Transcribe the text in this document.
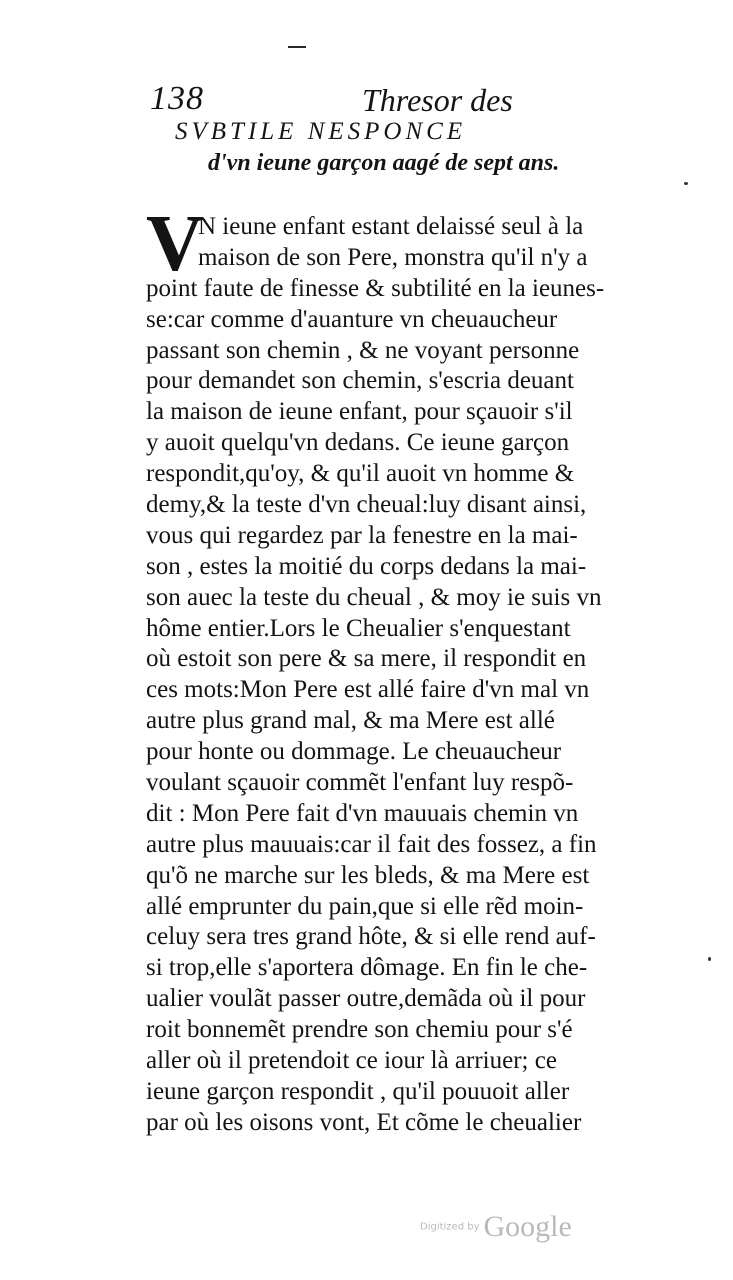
138	Thresor des
SVBTILE NESPONCE
d'vn ieune garçon aagé de sept ans.
V
N ieune enfant estant delaissé seul à la
maison de son Pere, monstra qu'il n'y a
point faute de finesse & subtilité en la ieunes-
se:car comme d'auanture vn cheuaucheur
passant son chemin , & ne voyant personne
pour demandet son chemin, s'escria deuant
la maison de ieune enfant, pour sçauoir s'il
y auoit quelqu'vn dedans. Ce ieune garçon
respondit,qu'oy, & qu'il auoit vn homme &
demy,& la teste d'vn cheual:luy disant ainsi,
vous qui regardez par la fenestre en la mai-
son , estes la moitié du corps dedans la mai-
son auec la teste du cheual , & moy ie suis vn
hôme entier.Lors le Cheualier s'enquestant
où estoit son pere & sa mere, il respondit en
ces mots:Mon Pere est allé faire d'vn mal vn
autre plus grand mal, & ma Mere est allé
pour honte ou dommage. Le cheuaucheur
voulant sçauoir commẽt l'enfant luy respõ-
dit : Mon Pere fait d'vn mauuais chemin vn
autre plus mauuais:car il fait des fossez, a fin
qu'õ ne marche sur les bleds, & ma Mere est
allé emprunter du pain,que si elle rẽd moin-
celuy sera tres grand hôte, & si elle rend auf-
si trop,elle s'aportera dômage. En fin le che-
ualier voulãt passer outre,demãda où il pour
roit bonnemẽt prendre son chemiu pour s'é
aller où il pretendoit ce iour là arriuer; ce
ieune garçon respondit , qu'il pouuoit aller
par où les oisons vont, Et cõme le cheualier
Digitized by Google
